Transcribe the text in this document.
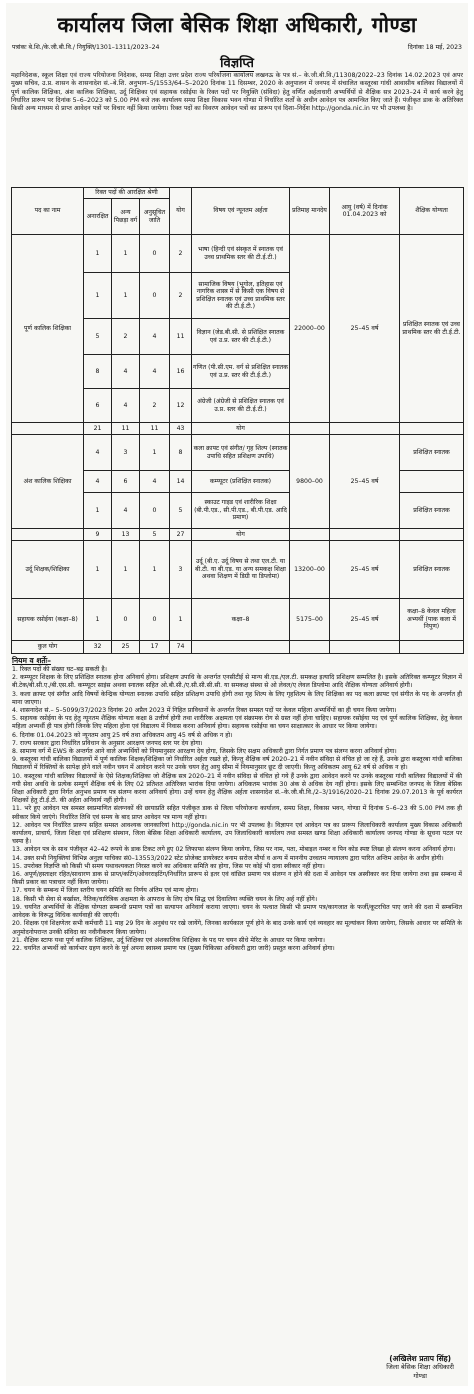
कार्यालय जिला बेसिक शिक्षा अधिकारी, गोण्डा
पत्रांकः बे.शि./के.जी.बी.वि./ नियुक्ति/1301–1311/2023–24	दिनांकः 18 मई, 2023
विज्ञप्ति
महानिदेशक, स्कूल शिक्षा एवं राज्य परियोजना निदेशक, समग्र शिक्षा उत्तर प्रदेश राज्य परियोजना कार्यालय लखनऊ के पत्र सं.– के.जी.बी.वि./11308/2022–23 दिनांक 14.02.2023 एवं अपर मुख्य सचिव, उ.प्र. शासन के शासनादेश सं.–बे.शि. अनुभाग–5/1553/64–5–2020 दिनांक 11 दिसम्बर, 2020 के अनुपालन में जनपद में संचालित कस्तूरबा गांधी आवासीय बालिका विद्यालयों में पूर्ण कालिक शिक्षिका, अंश कालिक शिक्षिका, उर्दू शिक्षिका एवं सहायक रसोईया के रिक्त पदों पर नियुक्ति (संविदा) हेतु वर्णित अर्हताधारी अभ्यर्थियों से शैक्षिक सत्र 2023–24 में कार्य करने हेतु निर्धारित प्रारूप पर दिनांक 5–6–2023 को 5.00 PM बजे तक कार्यालय समग्र शिक्षा विकास भवन गोण्डा में निर्धारित शर्तों के अधीन आवेदन पत्र आमन्त्रित किए जाते हैं। पंजीकृत डाक के अतिरिक्त किसी अन्य माध्यम से प्राप्त आवेदन पत्रों पर विचार नहीं किया जायेगा। रिक्त पदों का विवरण आवेदन पत्रों का प्रारूप एवं दिशा–निर्देश http://gonda.nic.in पर भी उपलब्ध है।
पद का नाम	रिक्त पदों की आरक्षित श्रेणी			योग	विषय एवं न्यूनतम अर्हता	प्रतिमाह मानदेय	आयु (वर्ष) में दिनांक 01.04.2023 को	शैक्षिक योग्यता
	अनारक्षित	अन्य पिछड़ा वर्ग	अनुसूचित जाति					
पूर्ण कालिक शिक्षिका	1	1	0	2	भाषा (हिन्दी एवं संस्कृत में स्नातक एवं उच्च प्राथमिक स्तर की टी.ई.टी.)	22000–00	25–45 वर्ष	प्रशिक्षित स्नातक एवं उच्च प्राथमिक स्तर की टी.ई.टी.
	1	1	0	2	सामाजिक विषय (भूगोल, इतिहास एवं नागरिक शास्त्र में से किसी एक विषय से प्रशिक्षित स्नातक एवं उच्च प्राथमिक स्तर की टी.ई.टी.)			
	5	2	4	11	विज्ञान (जेड.बी.सी. से प्रशिक्षित स्नातक एवं उ.प्र. स्तर की टी.ई.टी.)			
	8	4	4	16	गणित (पी.सी.एम. वर्ग से प्रशिक्षित स्नातक एवं उ.प्र. स्तर की टी.ई.टी.)			
	6	4	2	12	अंग्रेजी (अंग्रेजी से प्रशिक्षित स्नातक एवं उ.प्र. स्तर की टी.ई.टी.)			
	21	11	11	43	योग			
अंश कालिक शिक्षिका	4	3	1	8	कला क्राफ्ट एवं संगीत/ गृह शिल्प (स्नातक उपाधि सहित प्रशिक्षण उपाधि)	9800–00	25–45 वर्ष	प्रशिक्षित स्नातक
	4	6	4	14	कम्प्यूटर (प्रशिक्षित स्नातक)			
	1	4	0	5	स्काउट गाइड एवं शारीरिक शिक्षा (बी.पी.एड., सी.पी.एड., बी.पी.एड. आदि प्रमाण)			प्रशिक्षित स्नातक
	9	13	5	27	योग			
उर्दू शिक्षक/शिक्षिका	1	1	1	3	उर्दू (बी.ए. उर्दू विषय से तथा एल.टी. या बी.टी. या बी.एड. या अन्य समकक्ष शिक्षा अथवा शिक्षण में डिग्री या डिप्लोमा)	13200–00	25–45 वर्ष	प्रशिक्षित स्नातक
सहायक रसोईया (कक्षा–8)	1	0	0	1	कक्षा–8	5175–00	25–45 वर्ष	कक्षा–8 केवल महिला अभ्यर्थी (पाक कला में निपुण)
कुल योग	32	25	17	74				
नियम व शर्तेः–
1. रिक्त पदों की संख्या घट–बढ़ सकती है।
2. कम्प्यूटर शिक्षक के लिए प्रशिक्षित स्नातक होना अनिवार्य होगा। प्रशिक्षण उपाधि के अन्तर्गत एनसीटीई से मान्य बी.एड./एल.टी. समकक्ष इत्यादि प्रशिक्षण सम्मलित है। इसके अतिरिक्त कम्प्यूटर विज्ञान में बी.टेक/बी.सी.ए./बी.एस.सी. कम्प्यूटर साइंस अथवा स्नातक सहित ओ.बी.सी./ए.सी.सी.सी.सी. या समकक्ष संस्था से ओ लेवल/ए लेवल डिप्लोमा आदि शैक्षिक योग्यता अनिवार्य होगी।
3. कला क्राफ्ट एवं संगीत आदि विषयों केन्द्रिक योग्यता स्नातक उपाधि सहित प्रशिक्षण उपाधि होगी तथा गृह शिल्प के लिए गृहशिल्प के लिए शिक्षिका का पद कला क्राफ्ट एवं संगीत के पद के अन्तर्गत ही माना जाएगा।
4. शासनादेश सं.– 5–5099/37/2023 दिनांक 20 अप्रैल 2023 में निहित प्राविधानों के अन्तर्गत रिक्त समस्त पदों पर केवल महिला अभ्यर्थियों का ही चयन किया जायेगा।
5. सहायक रसोईया के पद हेतु न्यूनतम शैक्षिक योग्यता कक्षा 8 उत्तीर्ण होगी तथा शारीरिक अक्षमता एवं संक्रामक रोग से ग्रस्त नहीं होना चाहिए। सहायक रसोईया पद एवं पूर्ण कालिक शिक्षिका, हेतु केवल महिला अभ्यर्थी ही पात्र होगी जिनके लिए महिला होना एवं विद्यालय में निवास करना अनिवार्य होगा। सहायक रसोईया का चयन साक्षात्कार के आधार पर किया जायेगा।
6. दिनांक 01.04.2023 को न्यूनतम आयु 25 वर्ष तथा अधिकतम आयु 45 वर्ष से अधिक न हो।
7. राज्य सरकार द्वारा निर्धारित प्रविधान के अनुसार आरक्षण जनपद स्तर पर देय होगा।
8. सामान्य वर्ग में EWS के अन्तर्गत आने वाले अभ्यर्थियों को नियमानुसार आरक्षण देय होगा, जिसके लिए सक्षम अधिकारी द्वारा निर्गत प्रमाण पत्र संलग्न करना अनिवार्य होगा।
9. कस्तूरबा गांधी बालिका विद्यालयों में पूर्ण कालिक शिक्षक/शिक्षिका जो निर्धारित अर्हता रखते हो, किन्तु शैक्षिक वर्ष 2020–21 में नवीन संविदा से वंचित हो जा रहे हैं, उनके द्वारा कस्तूरबा गांधी बालिका विद्यालयों में रिक्तियों के सापेक्ष होने वाले नवीन चयन में आवेदन करने पर उनके चयन हेतु आयु सीमा में नियमानुसार छूट दी जाएगी। किन्तु अधिकतम आयु 62 वर्ष से अधिक न हो।
10. कस्तूरबा गांधी बालिका विद्यालयों के ऐसे शिक्षक/शिक्षिका जो शैक्षिक सत्र 2020–21 में नवीन संविदा से वंचित हो गये हैं उनके द्वारा आवेदन करने पर उनके कस्तूरबा गांधी बालिका विद्यालयों में की गयी सेवा अवधि के प्रत्येक सम्पूर्ण शैक्षिक वर्ष के लिए 02 प्रतिशत अतिरिक्त भारांक दिया जायेगा। अधिकतम भारांक 30 अंक से अधिक देय नहीं होगा। इसके लिए सम्बन्धित जनपद के जिला बेसिक शिक्षा अधिकारी द्वारा निर्गत अनुभव प्रमाण पत्र संलग्न करना अनिवार्य होगा। उन्हें चयन हेतु शैक्षिक अर्हता शासनादेश सं.–के.जी.बी.वि./2–3/1916/2020–21 दिनांक 29.07.2013 के पूर्व कार्यरत शिक्षकों हेतु टी.ई.टी. की अर्हता अनिवार्य नहीं होगी।
11. भरे हुए आवेदन पत्र समस्त स्वप्रमाणित संलग्नकों की छायाप्रति सहित पंजीकृत डाक से जिला परियोजना कार्यालय, समग्र शिक्षा, विकास भवन, गोण्डा में दिनांक 5–6–23 की 5.00 PM तक ही स्वीकार किये जाएंगे। निर्धारित तिथि एवं समय के बाद प्राप्त आवेदन पत्र मान्य नहीं होगा।
12. आवेदन पत्र निर्धारित प्रारूप सहित समस्त आवश्यक जानकारियां http://gonda.nic.in पर भी उपलब्ध है। विज्ञापन एवं आवेदन पत्र का प्रारूप जिलाधिकारी कार्यालय मुख्य विकास अधिकारी कार्यालय, प्राचार्य, जिला शिक्षा एवं प्रशिक्षण संस्थान, जिला बेसिक शिक्षा अधिकारी कार्यालय, उप जिलाधिकारी कार्यालय तथा समस्त खण्ड शिक्षा अधिकारी कार्यालय जनपद गोण्डा के सूचना पटल पर चस्पा है।
13. आवेदन पत्र के साथ पंजीकृत 42–42 रूपये के डाक टिकट लगे हुए 02 लिफाफा संलग्न किया जायेगा, जिस पर नाम, पता, मोबाइल नम्बर व पिन कोड स्पष्ट लिखा हो संलग्न करना अनिवार्य होगा।
14. उक्त सभी नियुक्तियां विभिन्न अनुज्ञा याचिका सं0–13553/2022 स्टेट प्रोजेक्ट डायरेक्टर बनाम सरोज मौर्या व अन्य में माननीय उच्चतम न्यायालय द्वारा पारित अन्तिम आदेश के अधीन होगी।
15. उपरोक्त विज्ञप्ति को किसी भी समय यथावश्यकता निरस्त करने का अधिकार समिति का होगा, जिस पर कोई भी दावा स्वीकार नहीं होगा।
16. अपूर्ण/हस्ताक्षर रहित/साधारण डाक से प्राप्त/कटिंग/ओवरराइटिंग/निर्धारित प्रारूप से इतर एवं वांछित प्रमाण पत्र संलग्न न होने की दशा में आवेदन पत्र अस्वीकार कर दिया जायेगा तथा इस सम्बन्ध में किसी प्रकार का पत्राचार नहीं किया जायेगा।
17. चयन के सम्बन्ध में जिला स्तरीय चयन समिति का निर्णय अंतिम एवं मान्य होगा।
18. किसी भी सेवा से बर्खास्त, नैतिक/चारित्रिक अक्षमता के आपराध के लिए दोष सिद्ध एवं दिवालिया व्यक्ति चयन के लिए अर्ह नहीं होंगे।
19. चयनित अभ्यर्थियों के शैक्षिक योग्यता सम्बन्धी प्रमाण पत्रों का सत्यापन अनिवार्य कराया जाएगा। चयन के पश्चात किसी भी प्रमाण पत्र/कागजात के फर्जी/कूटरचित पाए जाने की दशा में सम्बन्धित आवेदक के विरूद्ध विधिक कार्यवाही की जाएगी।
20. शिक्षक एवं शिक्षणेतर सभी कर्मचारी 11 माह 29 दिन के अनुबंध पर रखे जायेंगे, जिनका कार्यकाल पूर्ण होने के बाद उनके कार्य एवं व्यवहार का मूल्यांकन किया जायेगा, जिसके आधार पर समिति के अनुमोदनोपरान्त उनकी संविदा का नवीनीकरण किया जायेगा।
21. शैक्षिक स्टाफ यथा पूर्ण कालिक शिक्षिका, उर्दू शिक्षिका एवं अंशकालिक शिक्षिका के पद पर चयन सीधे मेरिट के आधार पर किया जायेगा।
22. चयनित अभ्यर्थी को कार्यभार ग्रहण करने के पूर्व अपना स्वास्थ्य प्रमाण पत्र (मुख्य चिकित्सा अधिकारी द्वारा जारी) प्रस्तुत करना अनिवार्य होगा।
(अखिलेश प्रताप सिंह)
जिला बेसिक शिक्षा अधिकारी
गोण्डा
